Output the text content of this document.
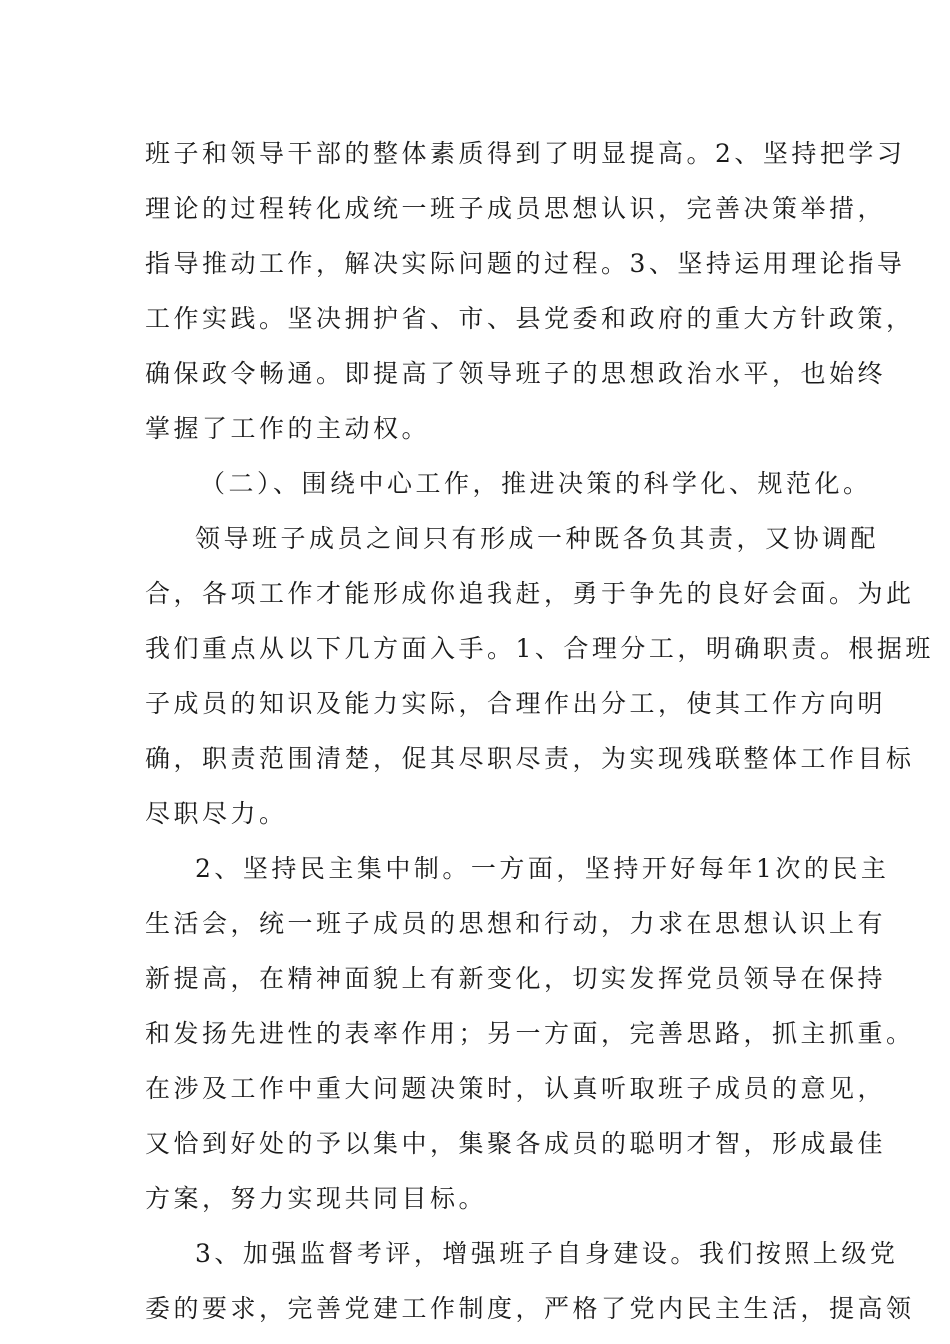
班子和领导干部的整体素质得到了明显提高。2、坚持把学习
理论的过程转化成统一班子成员思想认识，完善决策举措，
指导推动工作，解决实际问题的过程。3、坚持运用理论指导
工作实践。坚决拥护省、市、县党委和政府的重大方针政策，
确保政令畅通。即提高了领导班子的思想政治水平，也始终
掌握了工作的主动权。
（二）、围绕中心工作，推进决策的科学化、规范化。
领导班子成员之间只有形成一种既各负其责，又协调配
合，各项工作才能形成你追我赶，勇于争先的良好会面。为此
我们重点从以下几方面入手。1、合理分工，明确职责。根据班
子成员的知识及能力实际，合理作出分工，使其工作方向明
确，职责范围清楚，促其尽职尽责，为实现残联整体工作目标
尽职尽力。
2、坚持民主集中制。一方面，坚持开好每年1次的民主
生活会，统一班子成员的思想和行动，力求在思想认识上有
新提高，在精神面貌上有新变化，切实发挥党员领导在保持
和发扬先进性的表率作用；另一方面，完善思路，抓主抓重。
在涉及工作中重大问题决策时，认真听取班子成员的意见，
又恰到好处的予以集中，集聚各成员的聪明才智，形成最佳
方案，努力实现共同目标。
3、加强监督考评，增强班子自身建设。我们按照上级党
委的要求，完善党建工作制度，严格了党内民主生活，提高领
